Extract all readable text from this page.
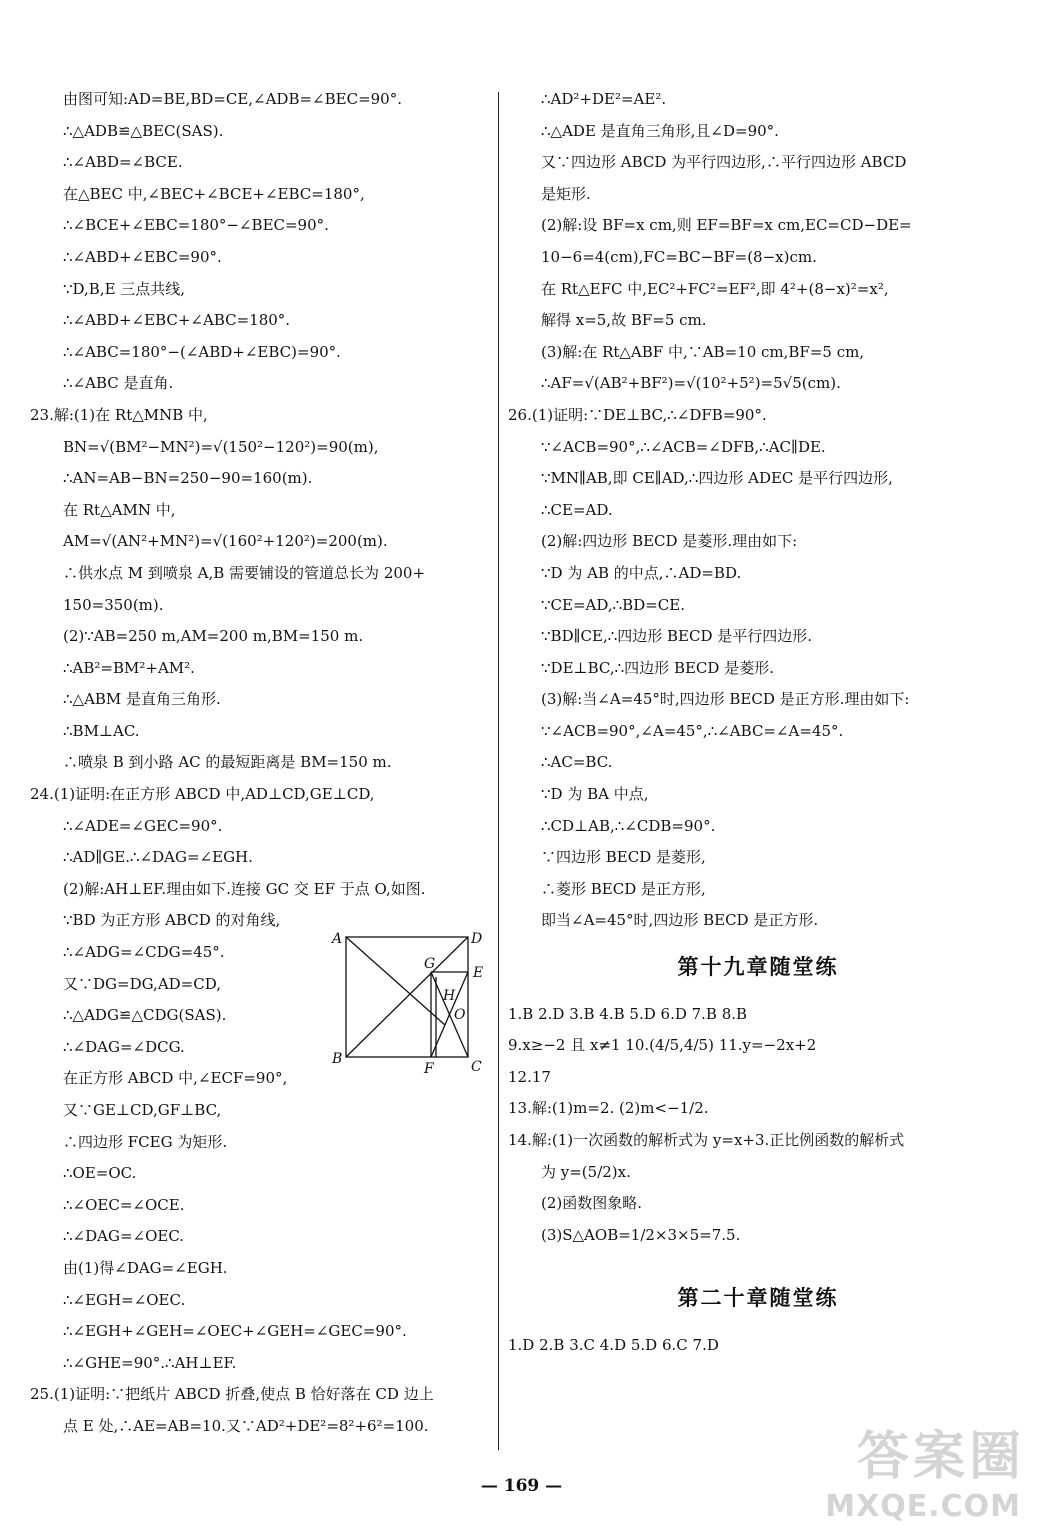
由图可知:AD=BE,BD=CE,∠ADB=∠BEC=90°.
∴△ADB≌△BEC(SAS).
∴∠ABD=∠BCE.
在△BEC 中,∠BEC+∠BCE+∠EBC=180°,
∴∠BCE+∠EBC=180°−∠BEC=90°.
∴∠ABD+∠EBC=90°.
∵D,B,E 三点共线,
∴∠ABD+∠EBC+∠ABC=180°.
∴∠ABC=180°−(∠ABD+∠EBC)=90°.
∴∠ABC 是直角.
23.解:(1)在 Rt△MNB 中,
BN=√(BM²−MN²)=√(150²−120²)=90(m),
∴AN=AB−BN=250−90=160(m).
在 Rt△AMN 中,
AM=√(AN²+MN²)=√(160²+120²)=200(m).
∴供水点 M 到喷泉 A,B 需要铺设的管道总长为 200+
150=350(m).
(2)∵AB=250 m,AM=200 m,BM=150 m.
∴AB²=BM²+AM².
∴△ABM 是直角三角形.
∴BM⊥AC.
∴喷泉 B 到小路 AC 的最短距离是 BM=150 m.
24.(1)证明:在正方形 ABCD 中,AD⊥CD,GE⊥CD,
∴∠ADE=∠GEC=90°.
∴AD∥GE.∴∠DAG=∠EGH.
(2)解:AH⊥EF.理由如下.连接 GC 交 EF 于点 O,如图.
∵BD 为正方形 ABCD 的对角线,
∴∠ADG=∠CDG=45°.
又∵DG=DG,AD=CD,
∴△ADG≌△CDG(SAS).
∴∠DAG=∠DCG.
在正方形 ABCD 中,∠ECF=90°,
又∵GE⊥CD,GF⊥BC,
∴四边形 FCEG 为矩形.
∴OE=OC.
∴∠OEC=∠OCE.
∴∠DAG=∠OEC.
由(1)得∠DAG=∠EGH.
∴∠EGH=∠OEC.
∴∠EGH+∠GEH=∠OEC+∠GEH=∠GEC=90°.
∴∠GHE=90°.∴AH⊥EF.
25.(1)证明:∵把纸片 ABCD 折叠,使点 B 恰好落在 CD 边上
点 E 处,∴AE=AB=10.又∵AD²+DE²=8²+6²=100.
∴AD²+DE²=AE².
∴△ADE 是直角三角形,且∠D=90°.
又∵四边形 ABCD 为平行四边形,∴平行四边形 ABCD
是矩形.
(2)解:设 BF=x cm,则 EF=BF=x cm,EC=CD−DE=
10−6=4(cm),FC=BC−BF=(8−x)cm.
在 Rt△EFC 中,EC²+FC²=EF²,即 4²+(8−x)²=x²,
解得 x=5,故 BF=5 cm.
(3)解:在 Rt△ABF 中,∵AB=10 cm,BF=5 cm,
∴AF=√(AB²+BF²)=√(10²+5²)=5√5(cm).
26.(1)证明:∵DE⊥BC,∴∠DFB=90°.
∵∠ACB=90°,∴∠ACB=∠DFB,∴AC∥DE.
∵MN∥AB,即 CE∥AD,∴四边形 ADEC 是平行四边形,
∴CE=AD.
(2)解:四边形 BECD 是菱形.理由如下:
∵D 为 AB 的中点,∴AD=BD.
∵CE=AD,∴BD=CE.
∵BD∥CE,∴四边形 BECD 是平行四边形.
∵DE⊥BC,∴四边形 BECD 是菱形.
(3)解:当∠A=45°时,四边形 BECD 是正方形.理由如下:
∵∠ACB=90°,∠A=45°,∴∠ABC=∠A=45°.
∴AC=BC.
∵D 为 BA 中点,
∴CD⊥AB,∴∠CDB=90°.
∵四边形 BECD 是菱形,
∴菱形 BECD 是正方形,
即当∠A=45°时,四边形 BECD 是正方形.
第十九章随堂练
1.B 2.D 3.B 4.B 5.D 6.D 7.B 8.B
9.x≥−2 且 x≠1 10.(4/5,4/5) 11.y=−2x+2
12.17
13.解:(1)m=2. (2)m<−1/2.
14.解:(1)一次函数的解析式为 y=x+3.正比例函数的解析式
为 y=(5/2)x.
(2)函数图象略.
(3)S△AOB=1/2×3×5=7.5.
第二十章随堂练
1.D 2.B 3.C 4.D 5.D 6.C 7.D
A
B	C
D
E
F
G
H
O
— 169 —	答案圈
MXQE.COM
